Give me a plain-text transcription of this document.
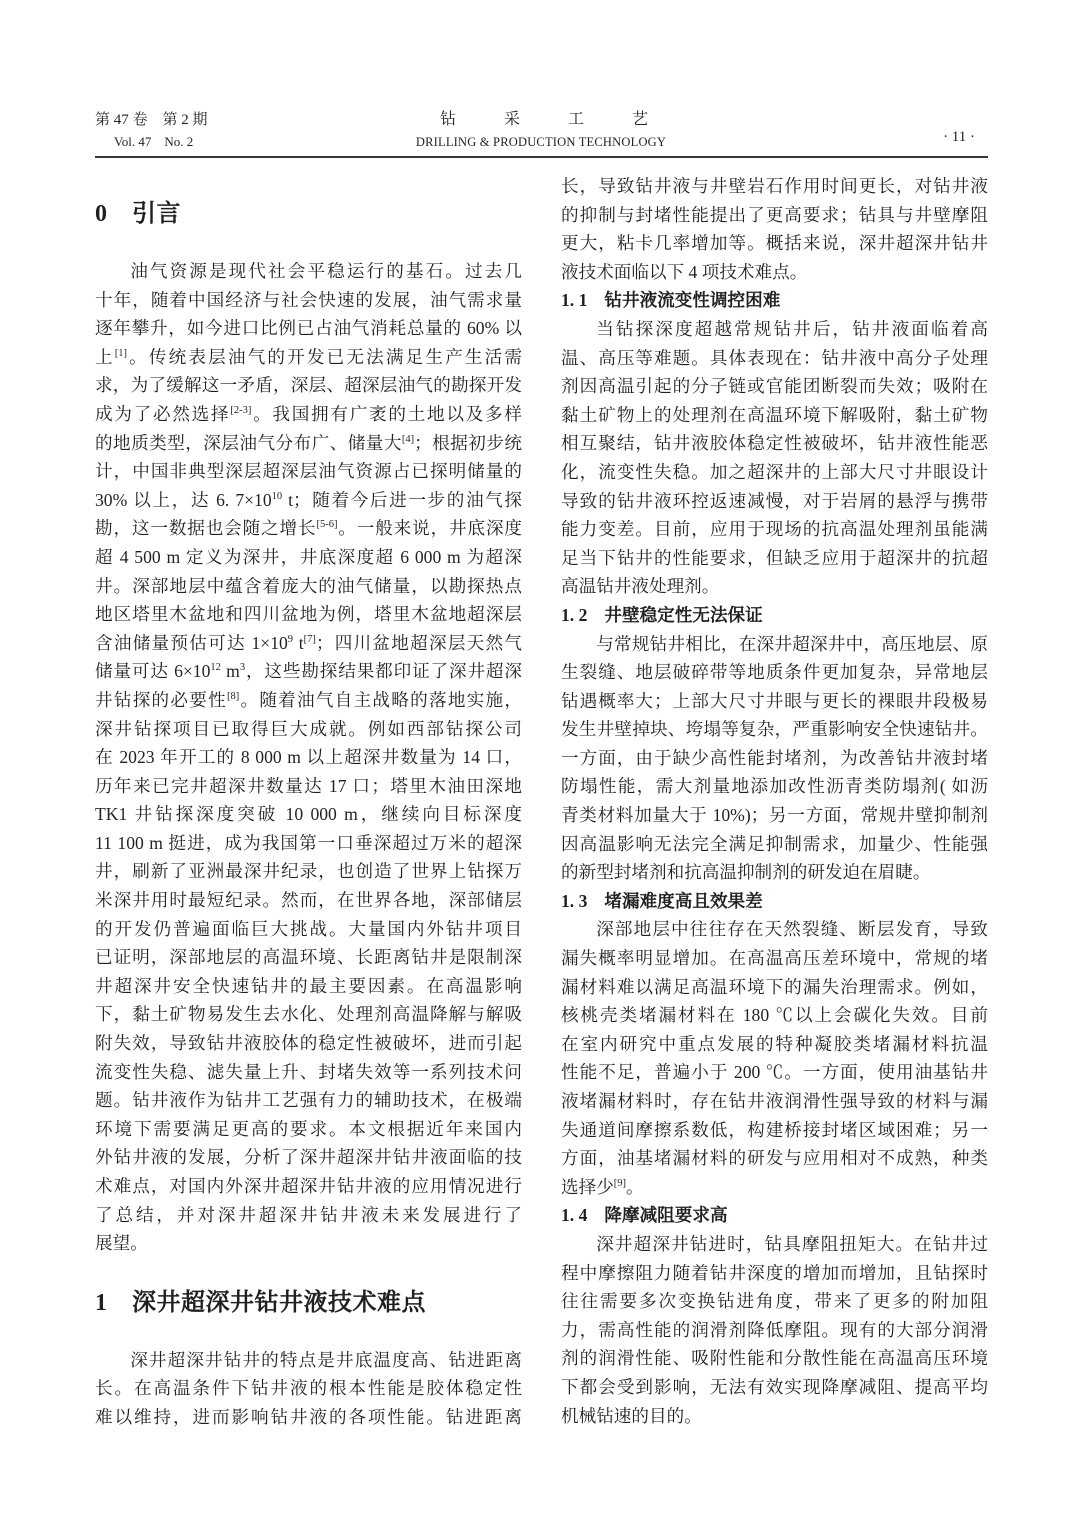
第 47 卷　第 2 期
Vol. 47　No. 2
钻采工艺
DRILLING & PRODUCTION TECHNOLOGY	· 11 ·
0 引言
油气资源是现代社会平稳运行的基石。过去几
十年，随着中国经济与社会快速的发展，油气需求量
逐年攀升，如今进口比例已占油气消耗总量的 60% 以
上[1]。传统表层油气的开发已无法满足生产生活需
求，为了缓解这一矛盾，深层、超深层油气的勘探开发
成为了必然选择[2-3]。我国拥有广袤的土地以及多样
的地质类型，深层油气分布广、储量大[4]；根据初步统
计，中国非典型深层超深层油气资源占已探明储量的
30% 以上，达 6. $7\times 10^{10}$ t；随着今后进一步的油气探
勘，这一数据也会随之增长[5-6]。一般来说，井底深度
超 4 500 m 定义为深井，井底深度超 6 000 m 为超深
井。深部地层中蕴含着庞大的油气储量，以勘探热点
地区塔里木盆地和四川盆地为例，塔里木盆地超深层
含油储量预估可达 $1\times 10^9$ t[7]；四川盆地超深层天然气
储量可达 $6\times 10^{12}$ $m^3$，这些勘探结果都印证了深井超深
井钻探的必要性[8]。随着油气自主战略的落地实施，
深井钻探项目已取得巨大成就。例如西部钻探公司
在 2023 年开工的 8 000 m 以上超深井数量为 14 口，
历年来已完井超深井数量达 17 口；塔里木油田深地
TK1 井钻探深度突破 10 000 m，继续向目标深度
11 100 m 挺进，成为我国第一口垂深超过万米的超深
井，刷新了亚洲最深井纪录，也创造了世界上钻探万
米深井用时最短纪录。然而，在世界各地，深部储层
的开发仍普遍面临巨大挑战。大量国内外钻井项目
已证明，深部地层的高温环境、长距离钻井是限制深
井超深井安全快速钻井的最主要因素。在高温影响
下，黏土矿物易发生去水化、处理剂高温降解与解吸
附失效，导致钻井液胶体的稳定性被破坏，进而引起
流变性失稳、滤失量上升、封堵失效等一系列技术问
题。钻井液作为钻井工艺强有力的辅助技术，在极端
环境下需要满足更高的要求。本文根据近年来国内
外钻井液的发展，分析了深井超深井钻井液面临的技
术难点，对国内外深井超深井钻井液的应用情况进行
了总结，并对深井超深井钻井液未来发展进行了
展望。
1 深井超深井钻井液技术难点
深井超深井钻井的特点是井底温度高、钻进距离
长。在高温条件下钻井液的根本性能是胶体稳定性
难以维持，进而影响钻井液的各项性能。钻进距离
长，导致钻井液与井壁岩石作用时间更长，对钻井液
的抑制与封堵性能提出了更高要求；钻具与井壁摩阻
更大，粘卡几率增加等。概括来说，深井超深井钻井
液技术面临以下 4 项技术难点。
1. 1 钻井液流变性调控困难
当钻探深度超越常规钻井后，钻井液面临着高
温、高压等难题。具体表现在：钻井液中高分子处理
剂因高温引起的分子链或官能团断裂而失效；吸附在
黏土矿物上的处理剂在高温环境下解吸附，黏土矿物
相互聚结，钻井液胶体稳定性被破坏，钻井液性能恶
化，流变性失稳。加之超深井的上部大尺寸井眼设计
导致的钻井液环控返速减慢，对于岩屑的悬浮与携带
能力变差。目前，应用于现场的抗高温处理剂虽能满
足当下钻井的性能要求，但缺乏应用于超深井的抗超
高温钻井液处理剂。
1. 2 井壁稳定性无法保证
与常规钻井相比，在深井超深井中，高压地层、原
生裂缝、地层破碎带等地质条件更加复杂，异常地层
钻遇概率大；上部大尺寸井眼与更长的裸眼井段极易
发生井壁掉块、垮塌等复杂，严重影响安全快速钻井。
一方面，由于缺少高性能封堵剂，为改善钻井液封堵
防塌性能，需大剂量地添加改性沥青类防塌剂( 如沥
青类材料加量大于 10%)；另一方面，常规井壁抑制剂
因高温影响无法完全满足抑制需求，加量少、性能强
的新型封堵剂和抗高温抑制剂的研发迫在眉睫。
1. 3 堵漏难度高且效果差
深部地层中往往存在天然裂缝、断层发育，导致
漏失概率明显增加。在高温高压差环境中，常规的堵
漏材料难以满足高温环境下的漏失治理需求。例如，
核桃壳类堵漏材料在 180 ℃以上会碳化失效。目前
在室内研究中重点发展的特种凝胶类堵漏材料抗温
性能不足，普遍小于 200 ℃。一方面，使用油基钻井
液堵漏材料时，存在钻井液润滑性强导致的材料与漏
失通道间摩擦系数低，构建桥接封堵区域困难；另一
方面，油基堵漏材料的研发与应用相对不成熟，种类
选择少[9]。
1. 4 降摩减阻要求高
深井超深井钻进时，钻具摩阻扭矩大。在钻井过
程中摩擦阻力随着钻井深度的增加而增加，且钻探时
往往需要多次变换钻进角度，带来了更多的附加阻
力，需高性能的润滑剂降低摩阻。现有的大部分润滑
剂的润滑性能、吸附性能和分散性能在高温高压环境
下都会受到影响，无法有效实现降摩减阻、提高平均
机械钻速的目的。
